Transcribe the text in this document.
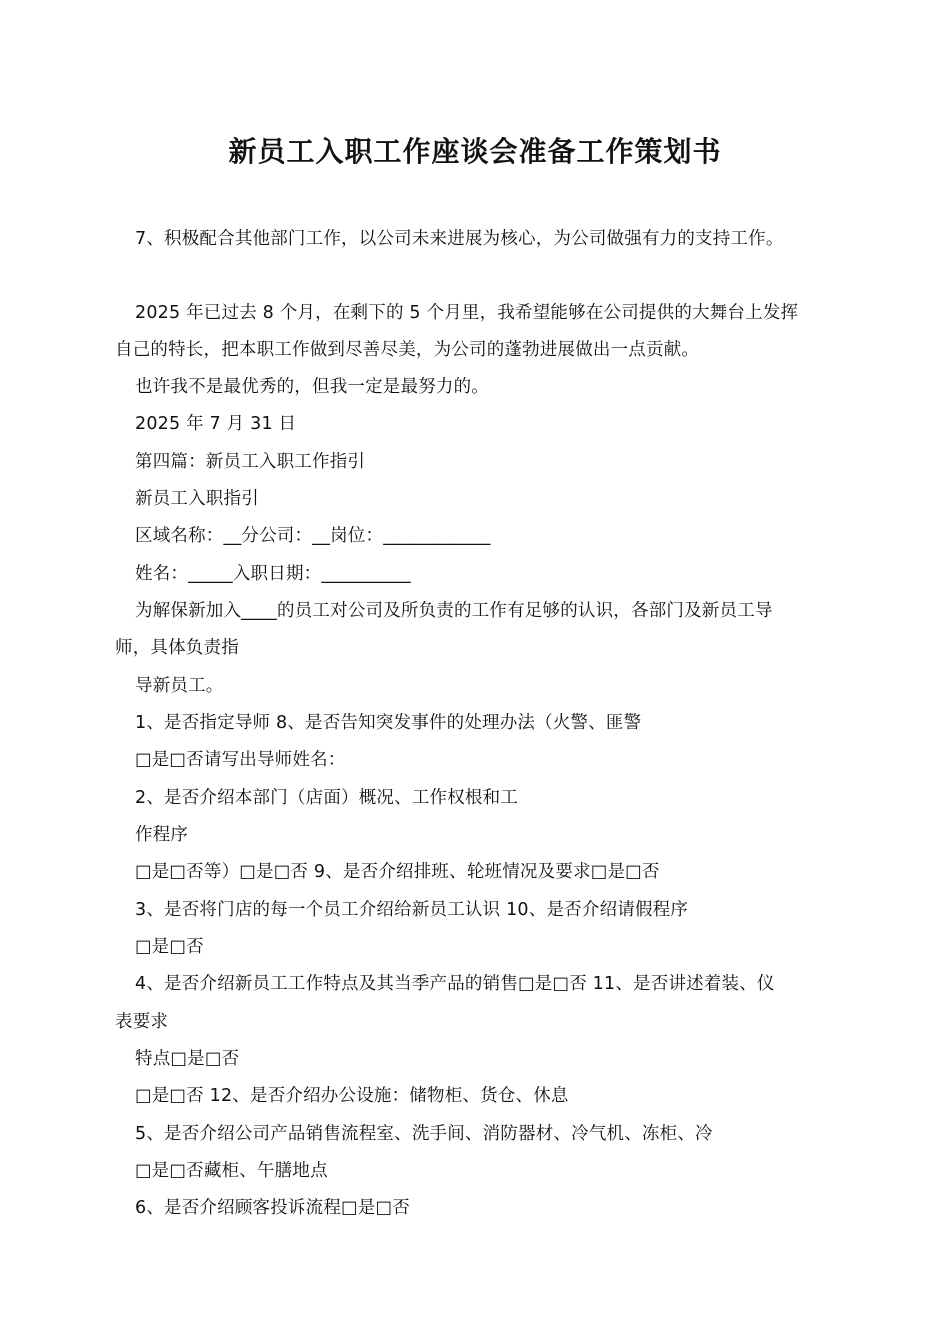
新员工入职工作座谈会准备工作策划书
7、积极配合其他部门工作，以公司未来进展为核心，为公司做强有力的支持工作。
2025 年已过去 8 个月，在剩下的 5 个月里，我希望能够在公司提供的大舞台上发挥
自己的特长，把本职工作做到尽善尽美，为公司的蓬勃进展做出一点贡献。
也许我不是最优秀的，但我一定是最努力的。
2025 年 7 月 31 日
第四篇：新员工入职工作指引
新员工入职指引
区域名称：__分公司：__岗位：____________
姓名：_____入职日期：__________
为解保新加入____的员工对公司及所负责的工作有足够的认识，各部门及新员工导
师，具体负责指
导新员工。
1、是否指定导师 8、是否告知突发事件的处理办法（火警、匪警
□是□否请写出导师姓名：
2、是否介绍本部门（店面）概况、工作权根和工
作程序
□是□否等）□是□否 9、是否介绍排班、轮班情况及要求□是□否
3、是否将门店的每一个员工介绍给新员工认识 10、是否介绍请假程序
□是□否
4、是否介绍新员工工作特点及其当季产品的销售□是□否 11、是否讲述着装、仪
表要求
特点□是□否
□是□否 12、是否介绍办公设施：储物柜、货仓、休息
5、是否介绍公司产品销售流程室、洗手间、消防器材、冷气机、冻柜、冷
□是□否藏柜、午膳地点
6、是否介绍顾客投诉流程□是□否
